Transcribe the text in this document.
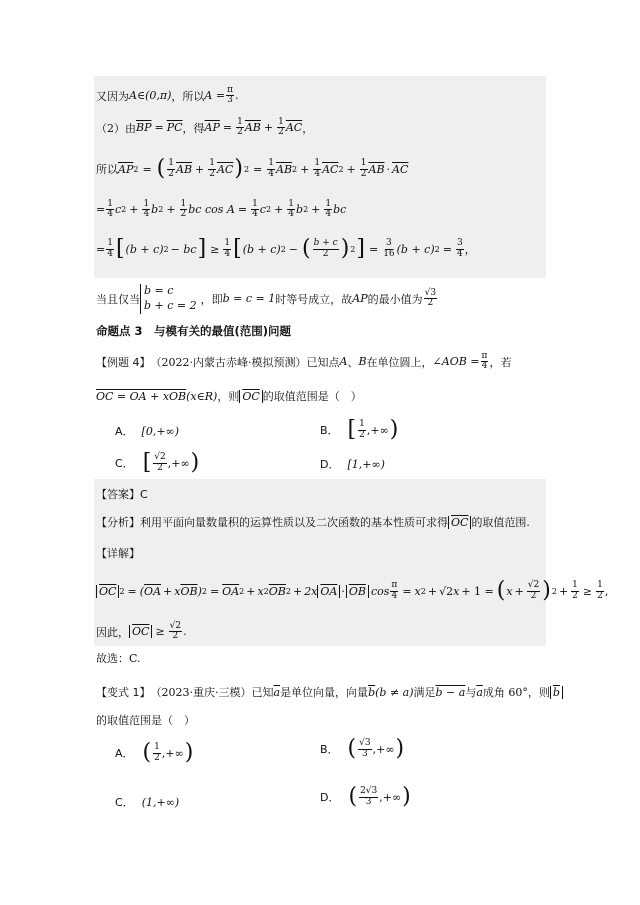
又因为 A∈(0,π) ，所以 $A = \frac{\pi}{3}$ .
（2）由 $\overline{BP} = \overline{PC}$ ，得 $\overline{AP} = \frac{1}{2} \overline{AB} + \frac{1}{2} \overline{AC}$ ，
所以 $\overline{AP}$ 2 = ( $\frac{1}{2} \overline{AB} + \frac{1}{2} \overline{AC}$ ) $2 = \frac{1}{4} \overline{AB}$ $2 + \frac{1}{4} \overline{AC}$ $2 + \frac{1}{2} \overline{AB} \cdot \overline{AC}$
= $\frac{1}{4}$ c $2 + \frac{1}{4}$ b $2 + \frac{1}{2}$ bc $\cos A = \frac{1}{4}$ c $2 + \frac{1}{4}$ b $2 + \frac{1}{4}$ bc
= $\frac{1}{4}$ [ (b + c) 2 − bc ] ≥ $\frac{1}{4}$ [ (b + c) 2 − ( $\frac{b + c}{2}$ ) 2 ] = $\frac{3}{16} (b + c) 2 = \frac{3}{4}$ ，
当且仅当
b = c
b + c = 2 ，即 b = c = 1 时等号成立，故 AP 的最小值为 $\frac{√3}{2}$
命题点 3　与模有关的最值(范围)问题
【例题 4】 （2022·内蒙古赤峰·模拟预测） 已知点 A 、 B 在单位圆上， ∠AOB = $\frac{\pi}{4}$ ，若
OC = OA + xOB (x∈R) ，则 $\overline{OC}$ 的取值范围是（　）
A． [0,+∞)	B． [ $\frac{1}{2}$ ,+∞ )
C． [ $\frac{√2}{2}$ ,+∞ )	D． [1,+∞)
【答案】C
【分析】 利用平面向量数量积的运算性质以及二次函数的基本性质可求得 $\overline{OC}$ 的取值范围.
【详解】
$\overline{OC}$ 2 = ( $\overline{OA} + x$ $\overline{OB}$ ) $2 = \overline{OA}$ 2 + x 2 $\overline{OB}$ 2 + 2x $\overline{OA} \cdot \overline{OB}$ $\cos \frac{\pi}{4} = x$ 2 + √2 x + 1 = ( $x + \frac{√2}{2}$ ) $2 + \frac{1}{2} \ge \frac{1}{2}$ ,
因此， $\overline{OC} \ge \frac{√2}{2}$ .
故选：C.
【变式 1】 （2023·重庆·三模） 已知 $\overline{a}$ 是单位向量，向量 $\overline{b}$ (b ≠ a) 满足 b − a 与 $\overline{a}$ 成角 60°，则 $\overline{b}$
的取值范围是（　）
A． ( $\frac{1}{2}$ ,+∞ )	B． ( $\frac{√3}{3}$ ,+∞ )
C． (1,+∞)	D． ( $\frac{2√3}{3}$ ,+∞ )
